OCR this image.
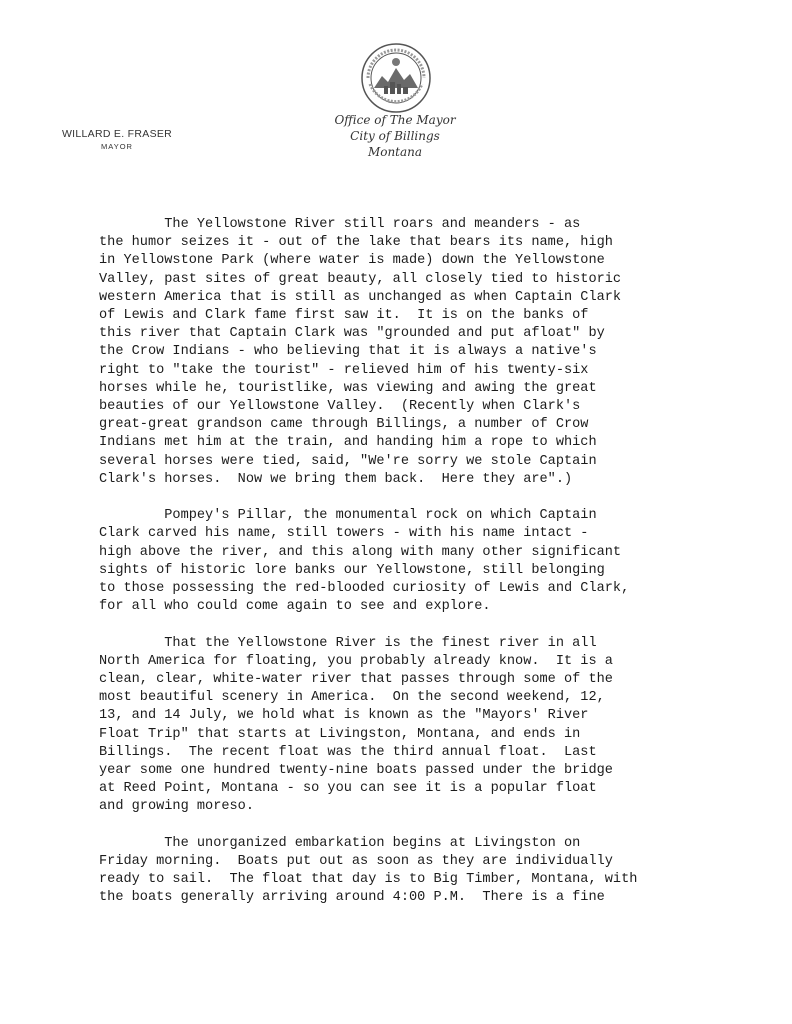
WILLARD E. FRASER
MAYOR
Office of The Mayor
City of Billings
Montana
The Yellowstone River still roars and meanders - as
the humor seizes it - out of the lake that bears its name, high
in Yellowstone Park (where water is made) down the Yellowstone
Valley, past sites of great beauty, all closely tied to historic
western America that is still as unchanged as when Captain Clark
of Lewis and Clark fame first saw it.  It is on the banks of
this river that Captain Clark was "grounded and put afloat" by
the Crow Indians - who believing that it is always a native's
right to "take the tourist" - relieved him of his twenty-six
horses while he, touristlike, was viewing and awing the great
beauties of our Yellowstone Valley.  (Recently when Clark's
great-great grandson came through Billings, a number of Crow
Indians met him at the train, and handing him a rope to which
several horses were tied, said, "We're sorry we stole Captain
Clark's horses.  Now we bring them back.  Here they are".)
Pompey's Pillar, the monumental rock on which Captain
Clark carved his name, still towers - with his name intact -
high above the river, and this along with many other significant
sights of historic lore banks our Yellowstone, still belonging
to those possessing the red-blooded curiosity of Lewis and Clark,
for all who could come again to see and explore.
That the Yellowstone River is the finest river in all
North America for floating, you probably already know.  It is a
clean, clear, white-water river that passes through some of the
most beautiful scenery in America.  On the second weekend, 12,
13, and 14 July, we hold what is known as the "Mayors' River
Float Trip" that starts at Livingston, Montana, and ends in
Billings.  The recent float was the third annual float.  Last
year some one hundred twenty-nine boats passed under the bridge
at Reed Point, Montana - so you can see it is a popular float
and growing moreso.
The unorganized embarkation begins at Livingston on
Friday morning.  Boats put out as soon as they are individually
ready to sail.  The float that day is to Big Timber, Montana, with
the boats generally arriving around 4:00 P.M.  There is a fine
